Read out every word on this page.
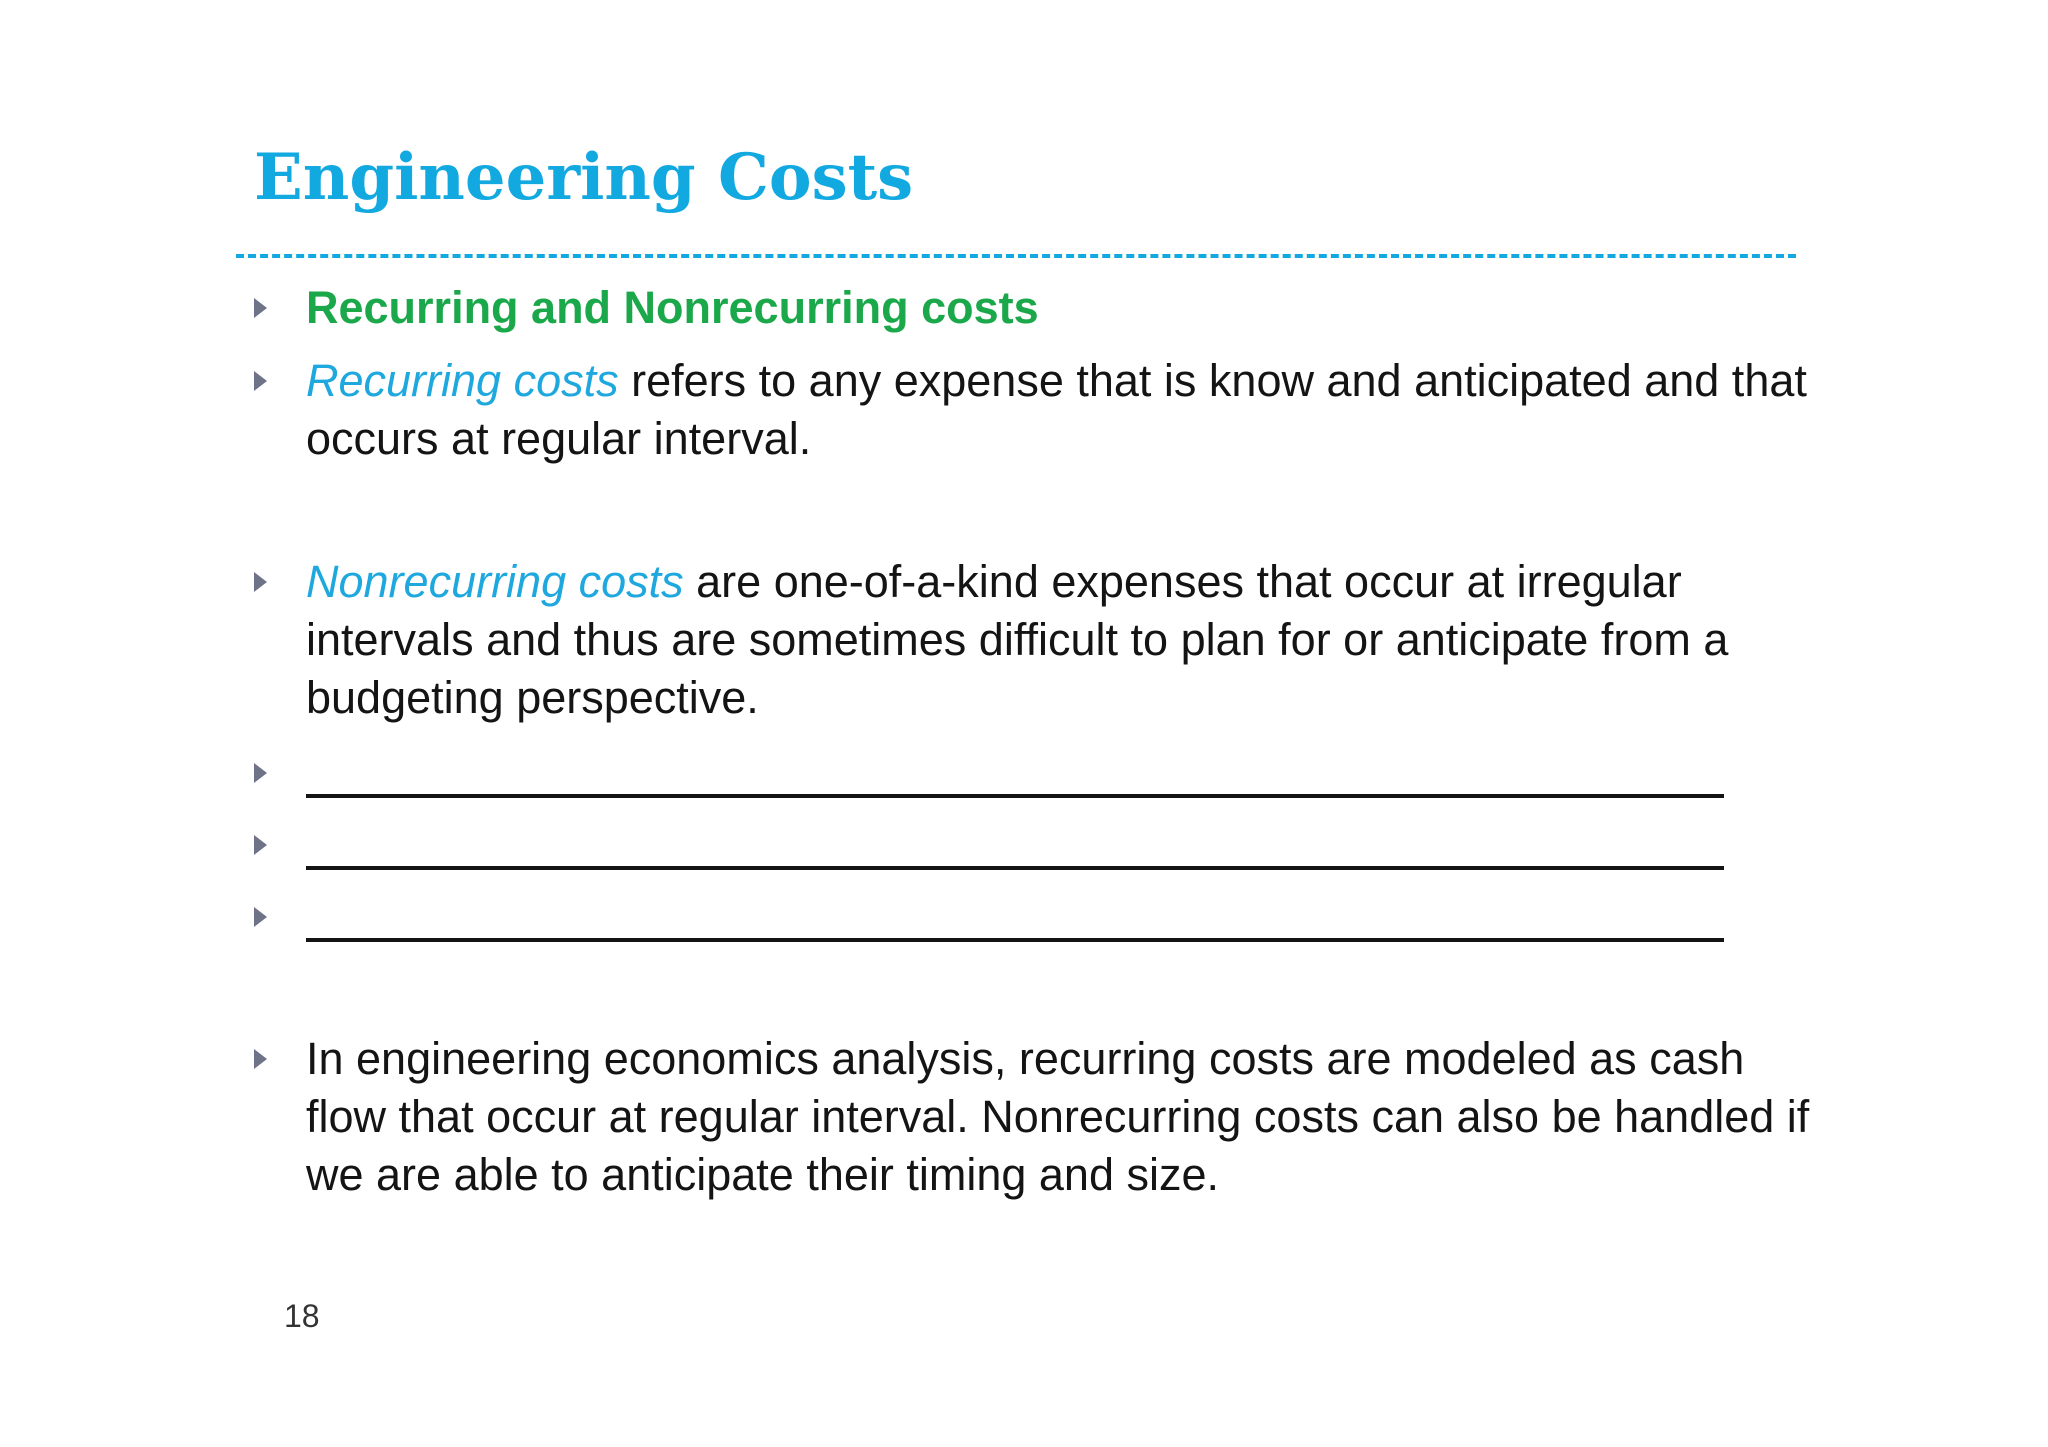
Engineering Costs
Recurring and Nonrecurring costs
Recurring costs refers to any expense that is know and anticipated and that occurs at regular interval.
Nonrecurring costs are one-of-a-kind expenses that occur at irregular intervals and thus are sometimes difficult to plan for or anticipate from a budgeting perspective.
In engineering economics analysis, recurring costs are modeled as cash flow that occur at regular interval. Nonrecurring costs can also be handled if we are able to anticipate their timing and size.
18
